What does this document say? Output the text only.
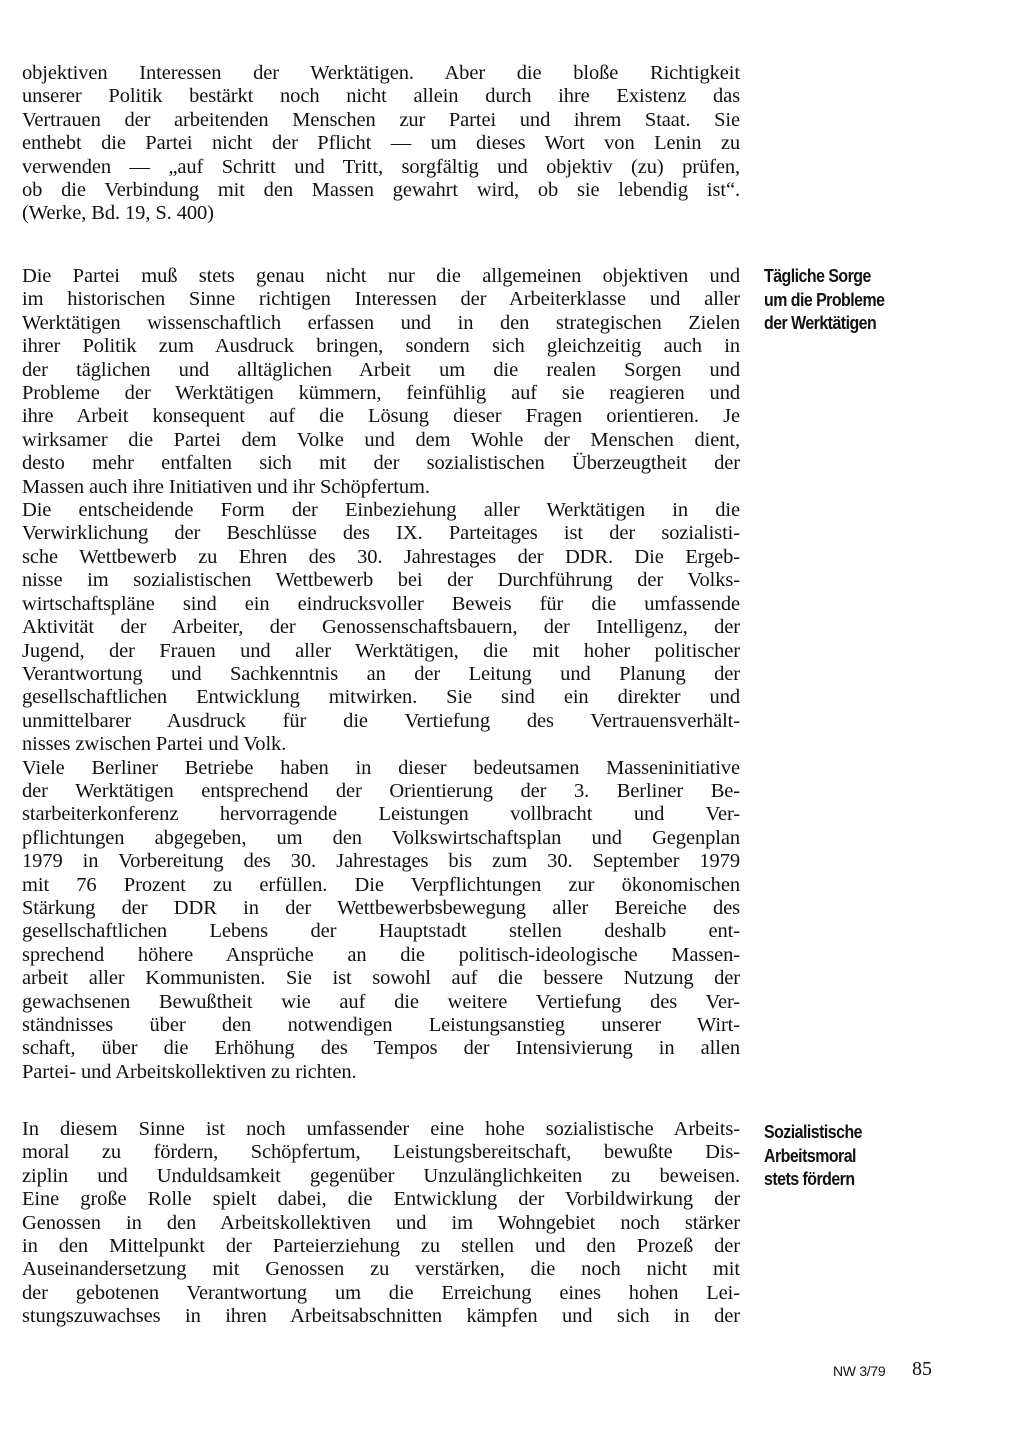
objektiven Interessen der Werktätigen. Aber die bloße Richtigkeit
unserer Politik bestärkt noch nicht allein durch ihre Existenz das
Vertrauen der arbeitenden Menschen zur Partei und ihrem Staat. Sie
enthebt die Partei nicht der Pflicht — um dieses Wort von Lenin zu
verwenden — „auf Schritt und Tritt, sorgfältig und objektiv (zu) prüfen,
ob die Verbindung mit den Massen gewahrt wird, ob sie lebendig ist“.
(Werke, Bd. 19, S. 400)
Die Partei muß stets genau nicht nur die allgemeinen objektiven und
im historischen Sinne richtigen Interessen der Arbeiterklasse und aller
Werktätigen wissenschaftlich erfassen und in den strategischen Zielen
ihrer Politik zum Ausdruck bringen, sondern sich gleichzeitig auch in
der täglichen und alltäglichen Arbeit um die realen Sorgen und
Probleme der Werktätigen kümmern, feinfühlig auf sie reagieren und
ihre Arbeit konsequent auf die Lösung dieser Fragen orientieren. Je
wirksamer die Partei dem Volke und dem Wohle der Menschen dient,
desto mehr entfalten sich mit der sozialistischen Überzeugtheit der
Massen auch ihre Initiativen und ihr Schöpfertum.
Die entscheidende Form der Einbeziehung aller Werktätigen in die
Verwirklichung der Beschlüsse des IX. Parteitages ist der sozialisti-
sche Wettbewerb zu Ehren des 30. Jahrestages der DDR. Die Ergeb-
nisse im sozialistischen Wettbewerb bei der Durchführung der Volks-
wirtschaftspläne sind ein eindrucksvoller Beweis für die umfassende
Aktivität der Arbeiter, der Genossenschaftsbauern, der Intelligenz, der
Jugend, der Frauen und aller Werktätigen, die mit hoher politischer
Verantwortung und Sachkenntnis an der Leitung und Planung der
gesellschaftlichen Entwicklung mitwirken. Sie sind ein direkter und
unmittelbarer Ausdruck für die Vertiefung des Vertrauensverhält-
nisses zwischen Partei und Volk.
Viele Berliner Betriebe haben in dieser bedeutsamen Masseninitiative
der Werktätigen entsprechend der Orientierung der 3. Berliner Be-
starbeiterkonferenz hervorragende Leistungen vollbracht und Ver-
pflichtungen abgegeben, um den Volkswirtschaftsplan und Gegenplan
1979 in Vorbereitung des 30. Jahrestages bis zum 30. September 1979
mit 76 Prozent zu erfüllen. Die Verpflichtungen zur ökonomischen
Stärkung der DDR in der Wettbewerbsbewegung aller Bereiche des
gesellschaftlichen Lebens der Hauptstadt stellen deshalb ent-
sprechend höhere Ansprüche an die politisch-ideologische Massen-
arbeit aller Kommunisten. Sie ist sowohl auf die bessere Nutzung der
gewachsenen Bewußtheit wie auf die weitere Vertiefung des Ver-
ständnisses über den notwendigen Leistungsanstieg unserer Wirt-
schaft, über die Erhöhung des Tempos der Intensivierung in allen
Partei- und Arbeitskollektiven zu richten.
In diesem Sinne ist noch umfassender eine hohe sozialistische Arbeits-
moral zu fördern, Schöpfertum, Leistungsbereitschaft, bewußte Dis-
ziplin und Unduldsamkeit gegenüber Unzulänglichkeiten zu beweisen.
Eine große Rolle spielt dabei, die Entwicklung der Vorbildwirkung der
Genossen in den Arbeitskollektiven und im Wohngebiet noch stärker
in den Mittelpunkt der Parteierziehung zu stellen und den Prozeß der
Auseinandersetzung mit Genossen zu verstärken, die noch nicht mit
der gebotenen Verantwortung um die Erreichung eines hohen Lei-
stungszuwachses in ihren Arbeitsabschnitten kämpfen und sich in der
Tägliche Sorge
um die Probleme
der Werktätigen
Sozialistische
Arbeitsmoral
stets fördern
NW 3/79 85
